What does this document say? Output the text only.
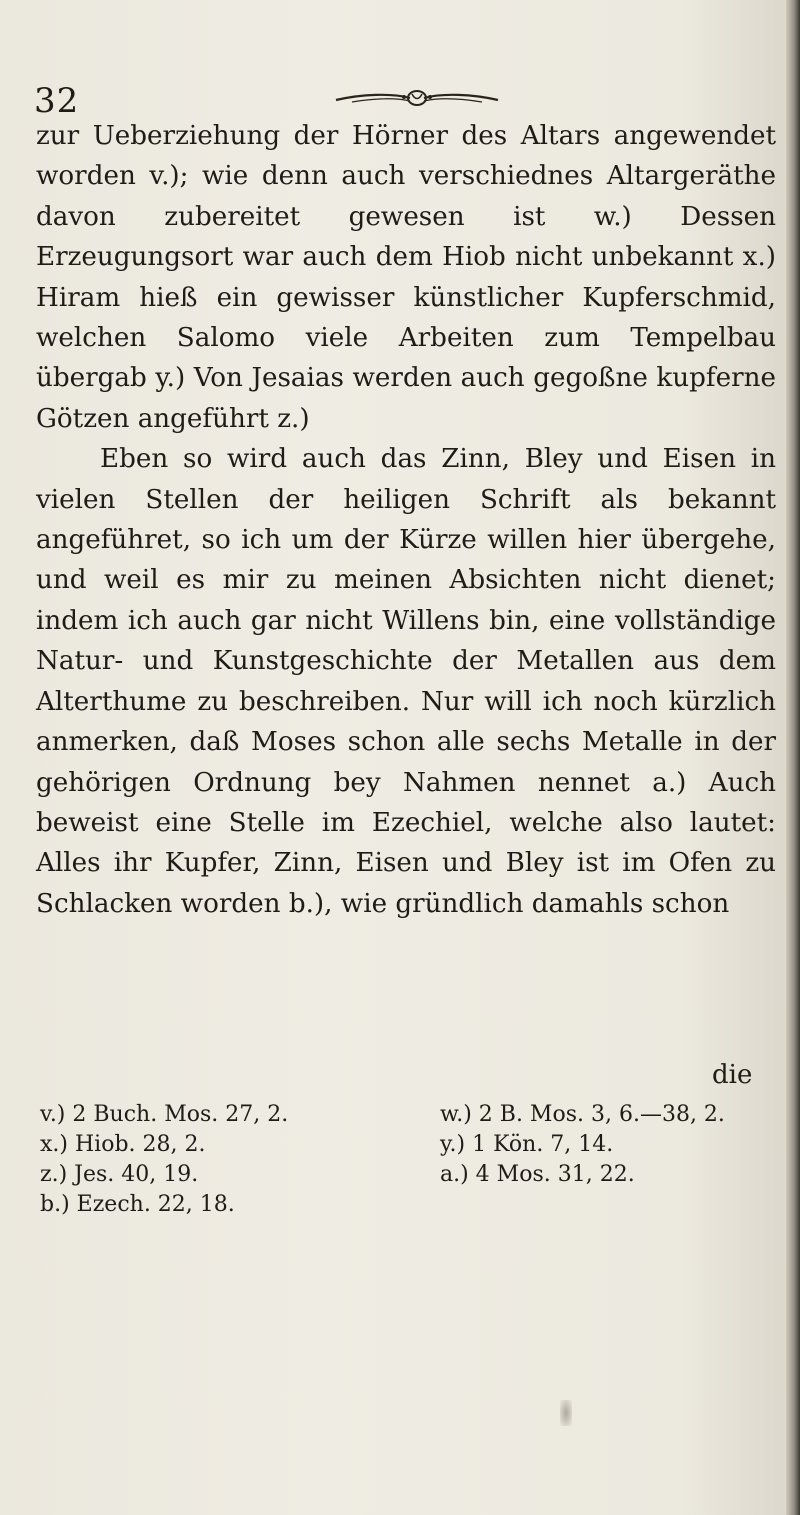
32

zur Ueberziehung der Hörner des Altars angewendet worden v.); wie denn auch verschiednes Altargeräthe davon zubereitet gewesen ist w.) Dessen Erzeugungsort war auch dem Hiob nicht unbekannt x.) Hiram hieß ein gewisser künstlicher Kupferschmid, welchen Salomo viele Arbeiten zum Tempelbau übergab y.) Von Jesaias werden auch gegoßne kupferne Götzen angeführt z.)

Eben so wird auch das Zinn, Bley und Eisen in vielen Stellen der heiligen Schrift als bekannt angeführet, so ich um der Kürze willen hier übergehe, und weil es mir zu meinen Absichten nicht dienet; indem ich auch gar nicht Willens bin, eine vollständige Natur- und Kunstgeschichte der Metallen aus dem Alterthume zu beschreiben. Nur will ich noch kürzlich anmerken, daß Moses schon alle sechs Metalle in der gehörigen Ordnung bey Nahmen nennet a.) Auch beweist eine Stelle im Ezechiel, welche also lautet: Alles ihr Kupfer, Zinn, Eisen und Bley ist im Ofen zu Schlacken worden b.), wie gründlich damahls schon

die
v.) 2 Buch. Mos. 27, 2.
x.) Hiob. 28, 2.
z.) Jes. 40, 19.
b.) Ezech. 22, 18.
w.) 2 B. Mos. 3, 6.—38, 2.
y.) 1 Kön. 7, 14.
a.) 4 Mos. 31, 22.
